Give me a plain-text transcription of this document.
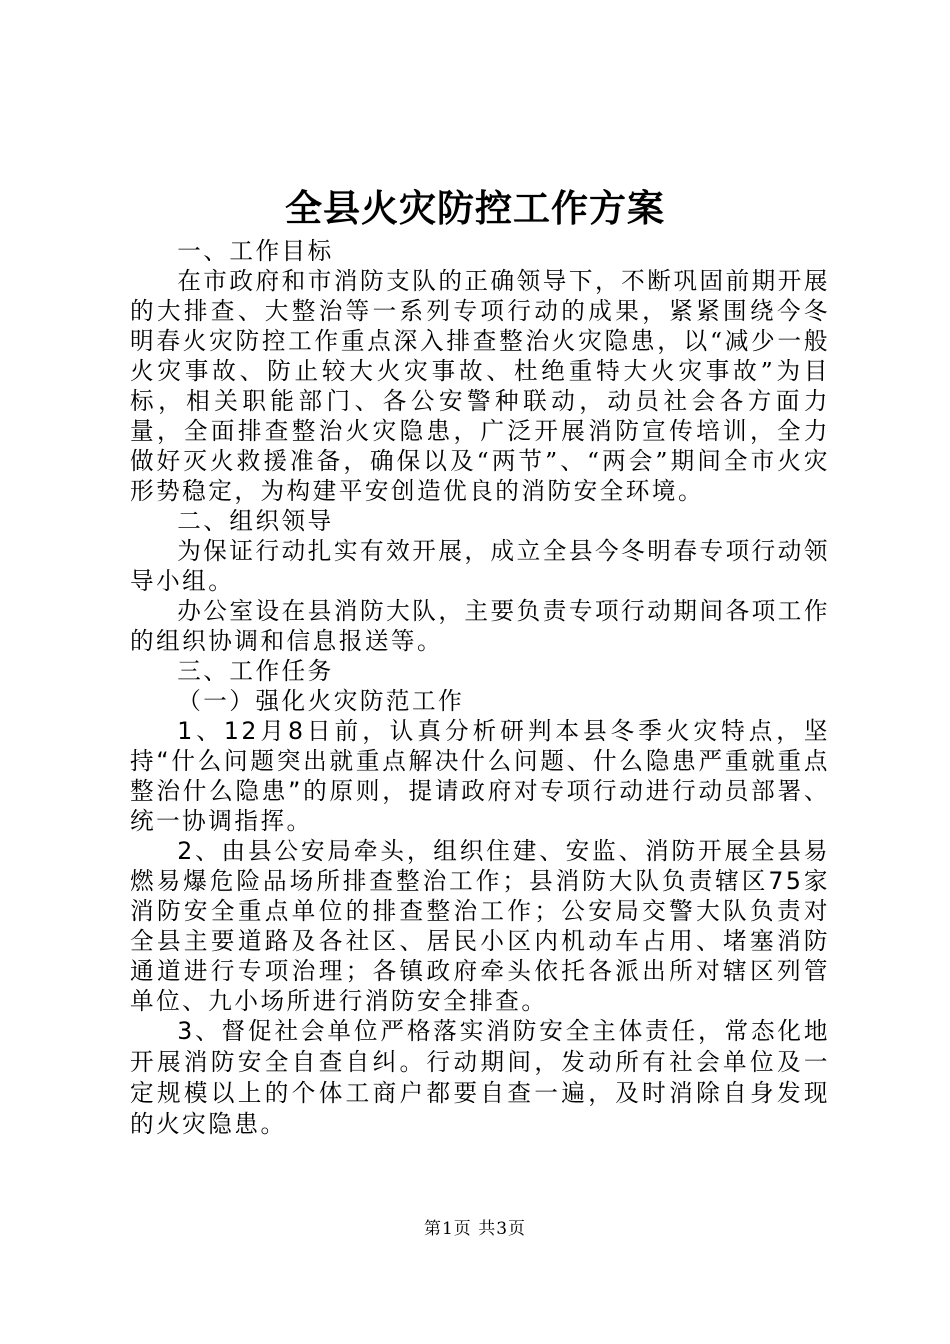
全县火灾防控工作方案

一、工作目标

在市政府和市消防支队的正确领导下，不断巩固前期开展的大排查、大整治等一系列专项行动的成果，紧紧围绕今冬明春火灾防控工作重点深入排查整治火灾隐患，以“减少一般火灾事故、防止较大火灾事故、杜绝重特大火灾事故”为目标，相关职能部门、各公安警种联动，动员社会各方面力量，全面排查整治火灾隐患，广泛开展消防宣传培训，全力做好灭火救援准备，确保以及“两节”、“两会”期间全市火灾形势稳定，为构建平安创造优良的消防安全环境。

二、组织领导

为保证行动扎实有效开展，成立全县今冬明春专项行动领导小组。

办公室设在县消防大队，主要负责专项行动期间各项工作的组织协调和信息报送等。

三、工作任务

（一）强化火灾防范工作

1、12月8日前，认真分析研判本县冬季火灾特点，坚持“什么问题突出就重点解决什么问题、什么隐患严重就重点整治什么隐患”的原则，提请政府对专项行动进行动员部署、统一协调指挥。

2、由县公安局牵头，组织住建、安监、消防开展全县易燃易爆危险品场所排查整治工作；县消防大队负责辖区75家消防安全重点单位的排查整治工作；公安局交警大队负责对全县主要道路及各社区、居民小区内机动车占用、堵塞消防通道进行专项治理；各镇政府牵头依托各派出所对辖区列管单位、九小场所进行消防安全排查。

3、督促社会单位严格落实消防安全主体责任，常态化地开展消防安全自查自纠。行动期间，发动所有社会单位及一定规模以上的个体工商户都要自查一遍，及时消除自身发现的火灾隐患。

第1页 共3页
